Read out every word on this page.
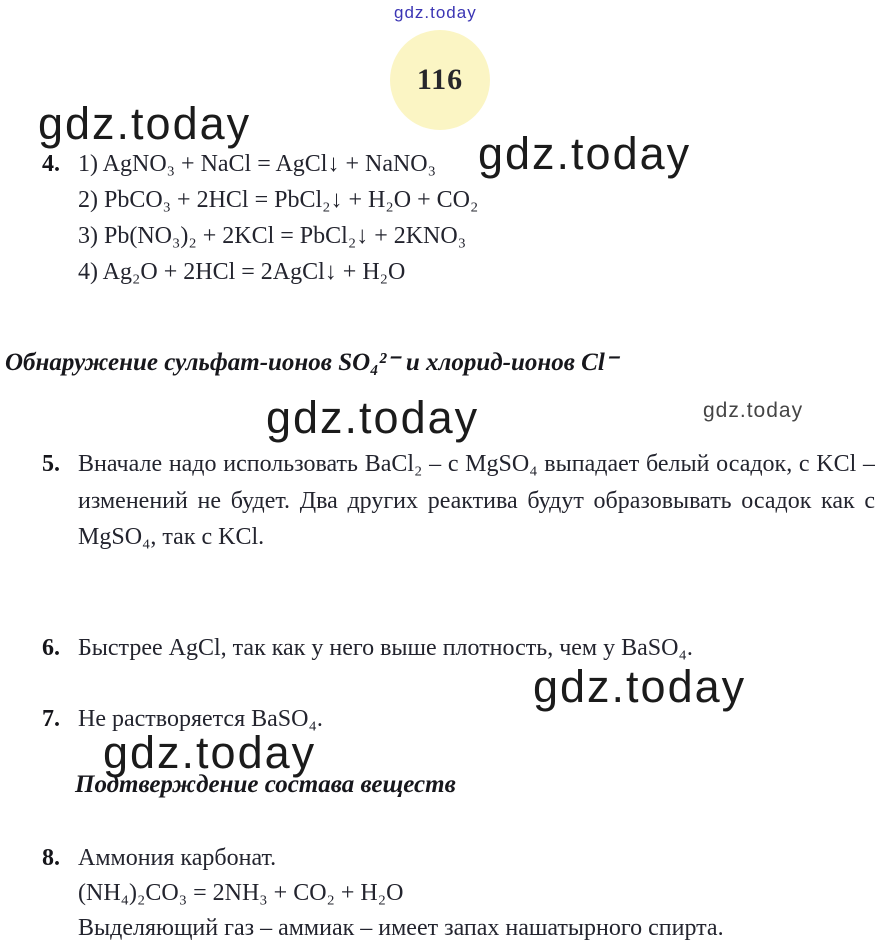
gdz.today
gdz.today
gdz.today
gdz.today	gdz.today
gdz.today
gdz.today
116
4. 1) AgNO₃ + NaCl = AgCl↓ + NaNO₃
2) PbCO₃ + 2HCl = PbCl₂↓ + H₂O + CO₂
3) Pb(NO₃)₂ + 2KCl = PbCl₂↓ + 2KNO₃
4) Ag₂O + 2HCl = 2AgCl↓ + H₂O
Обнаружение сульфат-ионов SO₄²⁻ и хлорид-ионов Cl⁻
5. Вначале надо использовать BaCl₂ – с MgSO₄ выпадает белый осадок, с KCl – изменений не будет. Два других реактива будут образовывать осадок как с MgSO₄, так с KCl.
6. Быстрее AgCl, так как у него выше плотность, чем у BaSO₄.
7. Не растворяется BaSO₄.
Подтверждение состава веществ
8. Аммония карбонат.
(NH₄)₂CO₃ = 2NH₃ + CO₂ + H₂O
Выделяющий газ – аммиак – имеет запах нашатырного спирта.
